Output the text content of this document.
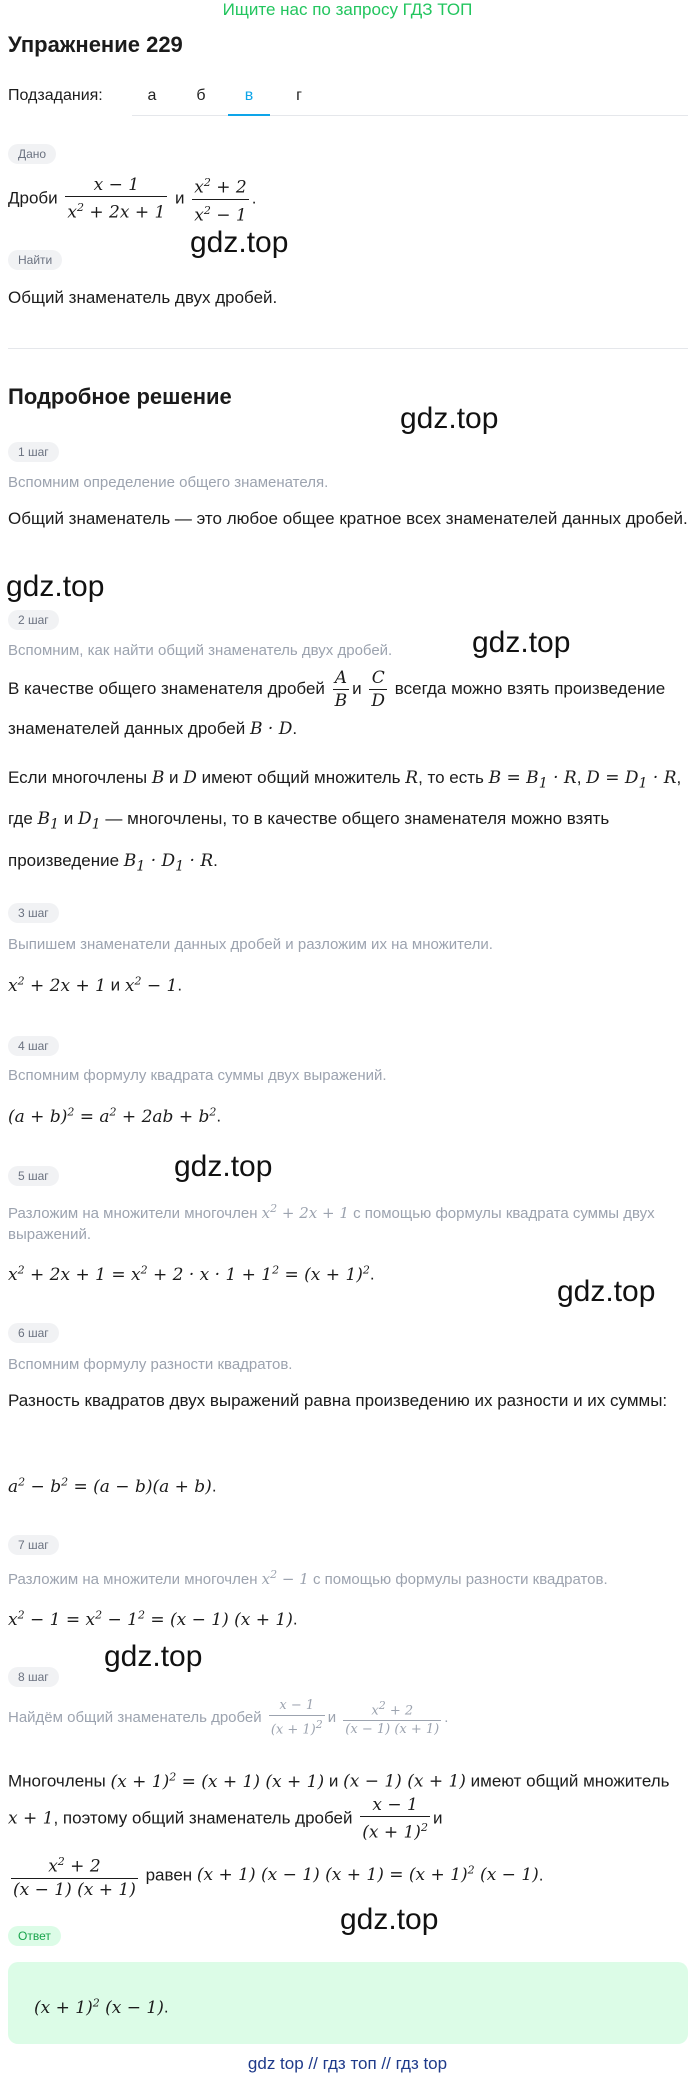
Ищите нас по запросу ГДЗ ТОП
Упражнение 229
Подзадания:	а	б	в	г
Дано
Дроби $\frac{x - 1}{x^2 + 2x + 1}$ и $\frac{x^2 + 2}{x^2 - 1}$ .
Найти
Общий знаменатель двух дробей.
Подробное решение
1 шаг
Вспомним определение общего знаменателя.
Общий знаменатель — это любое общее кратное всех знаменателей данных дробей.
2 шаг
Вспомним, как найти общий знаменатель двух дробей.
В качестве общего знаменателя дробей $\frac{A}{B}$ и $\frac{C}{D}$ всегда можно взять произведение знаменателей данных дробей B · D.
Если многочлены B и D имеют общий множитель R, то есть $B = B_1 \cdot R$, $D = D_1 \cdot R$, где $B_1$ и $D_1$ — многочлены, то в качестве общего знаменателя можно взять произведение $B_1 \cdot D_1 \cdot R$.
3 шаг
Выпишем знаменатели данных дробей и разложим их на множители.
$x^2 + 2x + 1$ и $x^2 - 1$.
4 шаг
Вспомним формулу квадрата суммы двух выражений.
$(a + b)^2 = a^2 + 2ab + b^2$.
5 шаг
Разложим на множители многочлен $x^2 + 2x + 1$ с помощью формулы квадрата суммы двух выражений.
$x^2 + 2x + 1 = x^2 + 2 \cdot x \cdot 1 + 1^2 = (x + 1)^2$.
6 шаг
Вспомним формулу разности квадратов.
Разность квадратов двух выражений равна произведению их разности и их суммы:
$a^2 - b^2 = (a - b)(a + b)$.
7 шаг
Разложим на множители многочлен $x^2 - 1$ с помощью формулы разности квадратов.
$x^2 - 1 = x^2 - 1^2 = (x - 1) (x + 1)$.
8 шаг
Найдём общий знаменатель дробей $\frac{x - 1}{(x + 1)^2}$ и $\frac{x^2 + 2}{(x - 1) (x + 1)}$ .
Многочлены $(x + 1)^2 = (x + 1)$ (x + 1) и (x − 1) (x + 1) имеют общий множитель
x + 1, поэтому общий знаменатель дробей $\frac{x - 1}{(x + 1)^2}$ и
$\frac{x^2 + 2}{(x - 1) (x + 1)}$ равен (x + 1) (x − 1) $(x + 1) = (x + 1)^2$ (x − 1).
Ответ
$(x + 1)^2$ (x − 1).
gdz.top
gdz.top
gdz.top
gdz.top
gdz.top
gdz.top
gdz.top
gdz.top
gdz top // гдз топ // гдз top
